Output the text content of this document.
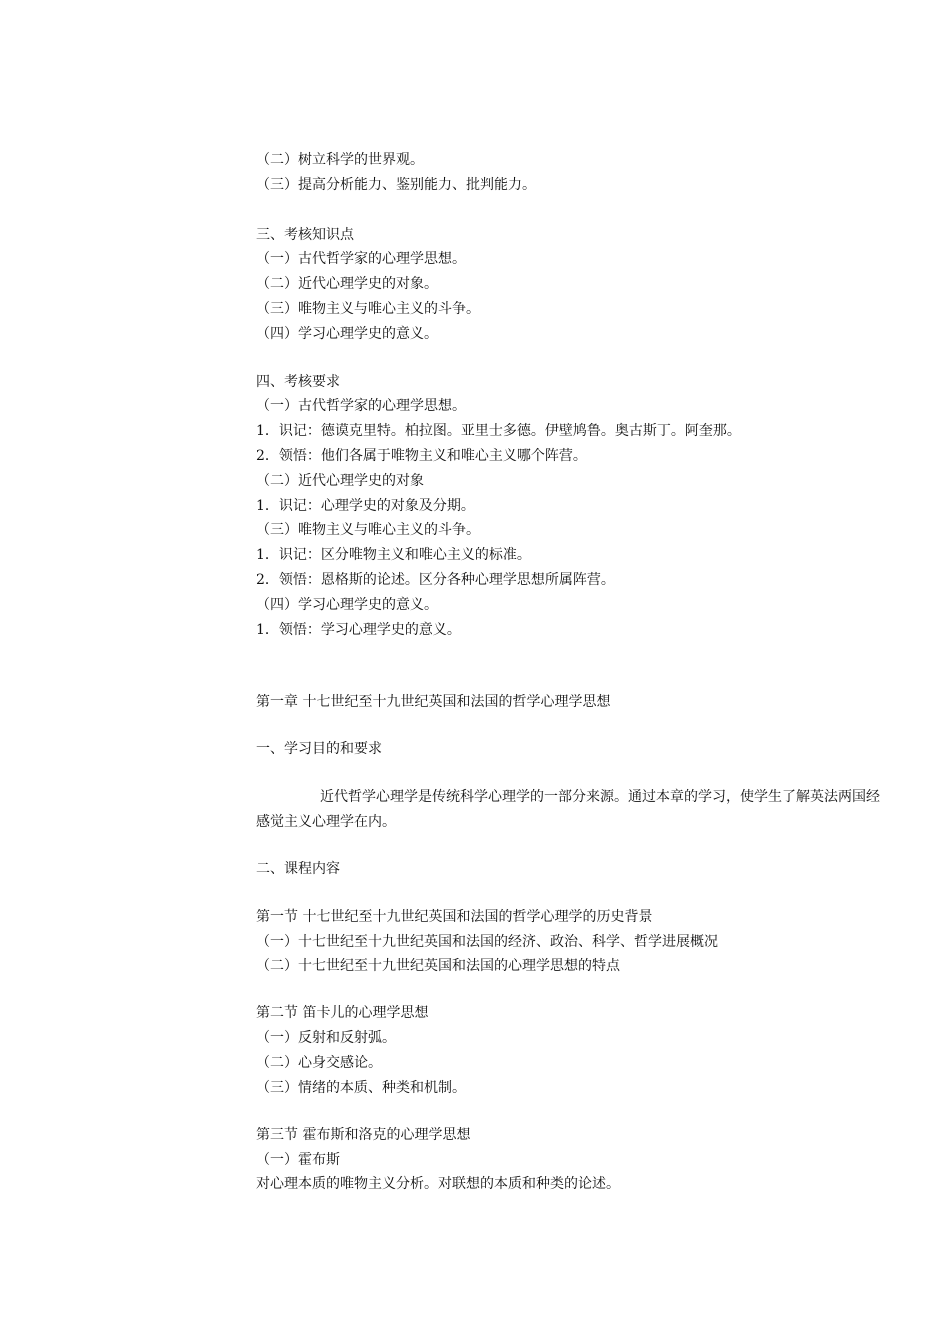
（二）树立科学的世界观。
（三）提高分析能力、鉴别能力、批判能力。
三、考核知识点
（一）古代哲学家的心理学思想。
（二）近代心理学史的对象。
（三）唯物主义与唯心主义的斗争。
（四）学习心理学史的意义。
四、考核要求
（一）古代哲学家的心理学思想。
1．识记：德谟克里特。柏拉图。亚里士多德。伊壁鸠鲁。奥古斯丁。阿奎那。
2．领悟：他们各属于唯物主义和唯心主义哪个阵营。
（二）近代心理学史的对象
1．识记：心理学史的对象及分期。
（三）唯物主义与唯心主义的斗争。
1．识记：区分唯物主义和唯心主义的标准。
2．领悟：恩格斯的论述。区分各种心理学思想所属阵营。
（四）学习心理学史的意义。
1．领悟：学习心理学史的意义。
第一章 十七世纪至十九世纪英国和法国的哲学心理学思想
一、学习目的和要求
近代哲学心理学是传统科学心理学的一部分来源。通过本章的学习，使学生了解英法两国经
感觉主义心理学在内。
二、课程内容
第一节 十七世纪至十九世纪英国和法国的哲学心理学的历史背景
（一）十七世纪至十九世纪英国和法国的经济、政治、科学、哲学进展概况
（二）十七世纪至十九世纪英国和法国的心理学思想的特点
第二节 笛卡儿的心理学思想
（一）反射和反射弧。
（二）心身交感论。
（三）情绪的本质、种类和机制。
第三节 霍布斯和洛克的心理学思想
（一）霍布斯
对心理本质的唯物主义分析。对联想的本质和种类的论述。
